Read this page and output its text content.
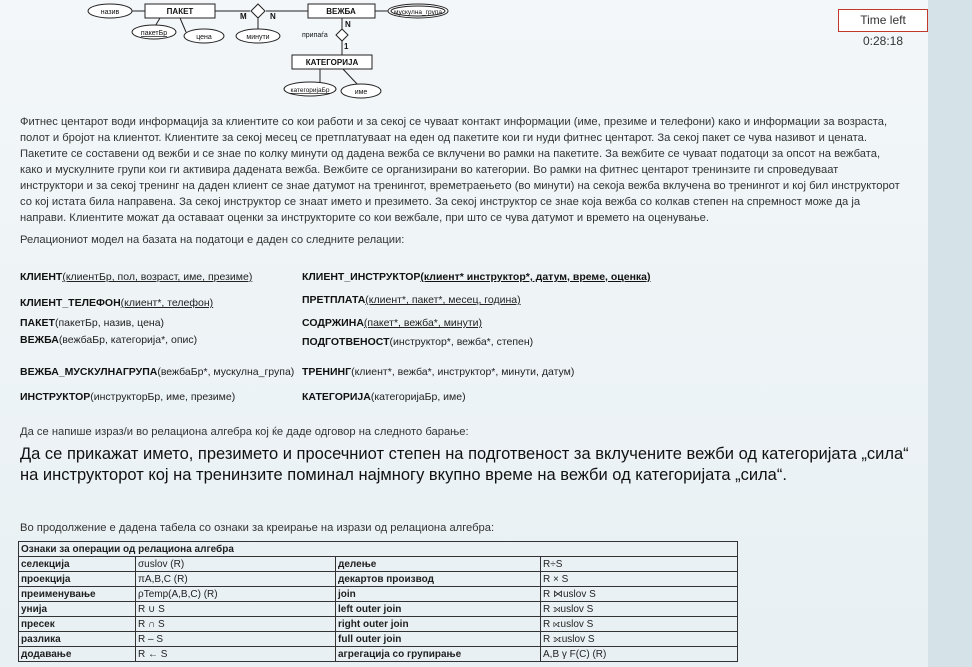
ПАКЕТ	ВЕЖБА
КАТЕГОРИЈА
припаѓа
M	N
N
1
назив
пакетБр
цена	минути
мускулна_група
категоријаБр	име
Фитнес центарот води информација за клиентите со кои работи и за секој се чуваат контакт информации (име, презиме и телефони) како и информации за возраста, полот и бројот на клиентот. Клиентите за секој месец се претплатуваат на еден од пакетите кои ги нуди фитнес центарот. За секој пакет се чува називот и цената. Пакетите се составени од вежби и се знае по колку минути од дадена вежба се вклучени во рамки на пакетите. За вежбите се чуваат податоци за опсот на вежбата, како и мускулните групи кои ги активира дадената вежба. Вежбите се организирани во категории. Во рамки на фитнес центарот тренинзите ги спроведуваат инструктори и за секој тренинг на даден клиент се знае датумот на тренингот, времетраењето (во минути) на секоја вежба вклучена во тренингот и кој бил инструкторот со кој истата била направена. За секој инструктор се знаат името и презимето. За секој инструктор се знае која вежба со колкав степен на спремност може да ја направи. Клиентите можат да оставаат оценки за инструкторите со кои вежбале, при што се чува датумот и времето на оценување.
Релациониот модел на базата на податоци е даден со следните релации:
КЛИЕНТ(клиентБр, пол, возраст, име, презиме)
КЛИЕНТ_ТЕЛЕФОН(клиент*, телефон)
ПАКЕТ(пакетБр, назив, цена)
ВЕЖБА(вежбаБр, категорија*, опис)
ВЕЖБА_МУСКУЛНАГРУПА(вежбаБр*, мускулна_група)
ИНСТРУКТОР(инструкторБр, име, презиме)
КЛИЕНТ_ИНСТРУКТОР(клиент* инструктор*, датум, време, оценка)
ПРЕТПЛАТА(клиент*, пакет*, месец, година)
СОДРЖИНА(пакет*, вежба*, минути)
ПОДГОТВЕНОСТ(инструктор*, вежба*, степен)
ТРЕНИНГ(клиент*, вежба*, инструктор*, минути, датум)
КАТЕГОРИЈА(категоријаБр, име)
Да се напише израз/и во релациона алгебра кој ќе даде одговор на следното барање:
Да се прикажат името, презимето и просечниот степен на подготвеност за вклучените вежби од категоријата „сила“ на инструкторот кој на тренинзите поминал најмногу вкупно време на вежби од категоријата „сила“.
Во продолжение е дадена табела со ознаки за креирање на изрази од релациона алгебра:
Ознаки за операции од релациона алгебра			
селекција	σuslov (R)	делење	R÷S
проекција	πA,B,C (R)	декартов производ	R × S
преименување	ρTemp(A,B,C) (R)	join	R ⋈uslov S
унија	R ∪ S	left outer join	R ⟕uslov S
пресек	R ∩ S	right outer join	R ⟖uslov S
разлика	R – S	full outer join	R ⟗uslov S
додавање	R ← S	агрегација со групирање	A,B γ F(C) (R)
Time left 0:28:18
